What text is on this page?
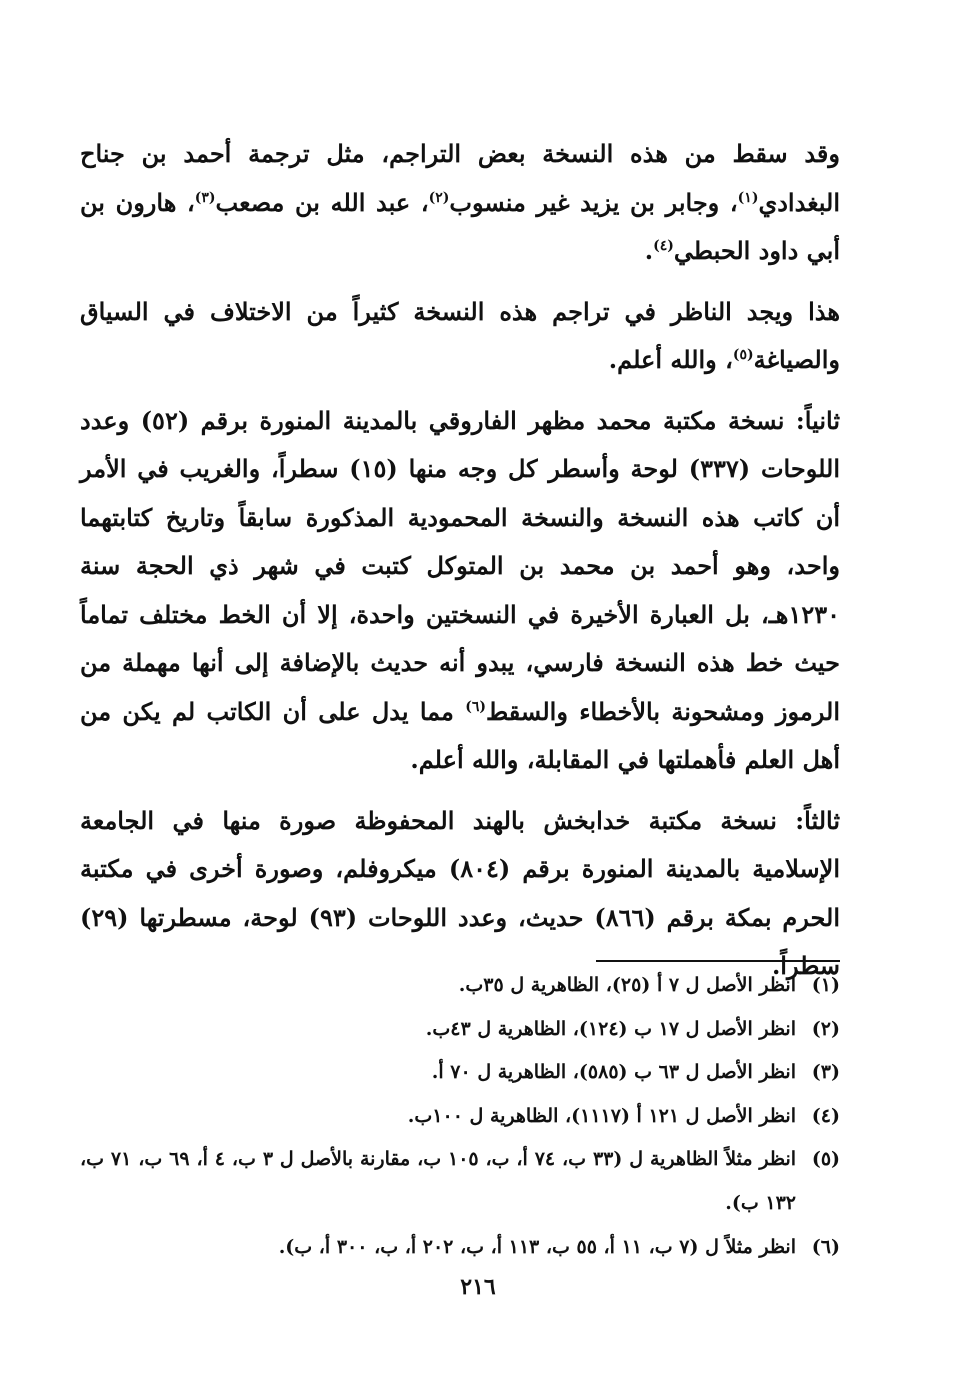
وقد سقط من هذه النسخة بعض التراجم، مثل ترجمة أحمد بن جناح البغدادي$^{(١)}$، وجابر بن يزيد غير منسوب$^{(٢)}$، عبد الله بن مصعب$^{(٣)}$، هارون بن أبي داود الحبطي$^{(٤)}$.

هذا ويجد الناظر في تراجم هذه النسخة كثيراً من الاختلاف في السياق والصياغة$^{(٥)}$، والله أعلم.

ثانياً: نسخة مكتبة محمد مظهر الفاروقي بالمدينة المنورة برقم (٥٢) وعدد اللوحات (٣٣٧) لوحة وأسطر كل وجه منها (١٥) سطراً، والغريب في الأمر أن كاتب هذه النسخة والنسخة المحمودية المذكورة سابقاً وتاريخ كتابتهما واحد، وهو أحمد بن محمد بن المتوكل كتبت في شهر ذي الحجة سنة ١٢٣٠هـ، بل العبارة الأخيرة في النسختين واحدة، إلا أن الخط مختلف تماماً حيث خط هذه النسخة فارسي، يبدو أنه حديث بالإضافة إلى أنها مهملة من الرموز ومشحونة بالأخطاء والسقط$^{(٦)}$ مما يدل على أن الكاتب لم يكن من أهل العلم فأهملتها في المقابلة، والله أعلم.

ثالثاً: نسخة مكتبة خدابخش بالهند المحفوظة صورة منها في الجامعة الإسلامية بالمدينة المنورة برقم (٨٠٤) ميكروفلم، وصورة أخرى في مكتبة الحرم بمكة برقم (٨٦٦) حديث، وعدد اللوحات (٩٣) لوحة، مسطرتها (٢٩) سطراً.

(١)انظر الأصل ل ٧ أ (٢٥)، الظاهرية ل ٣٥ب.

(٢)انظر الأصل ل ١٧ ب (١٢٤)، الظاهرية ل ٤٣ب.

(٣)انظر الأصل ل ٦٣ ب (٥٨٥)، الظاهرية ل ٧٠ أ.

(٤)انظر الأصل ل ١٢١ أ (١١١٧)، الظاهرية ل ١٠٠ب.

(٥)انظر مثلاً الظاهرية ل (٣٣ ب، ٧٤ أ، ب، ١٠٥ ب، مقارنة بالأصل ل ٣ ب، ٤ أ، ٦٩ ب، ٧١ ب، ١٣٢ ب).

(٦)انظر مثلاً ل (٧ ب، ١١ أ، ٥٥ ب، ١١٣ أ، ب، ٢٠٢ أ، ب، ٣٠٠ أ، ب).

٢١٦
